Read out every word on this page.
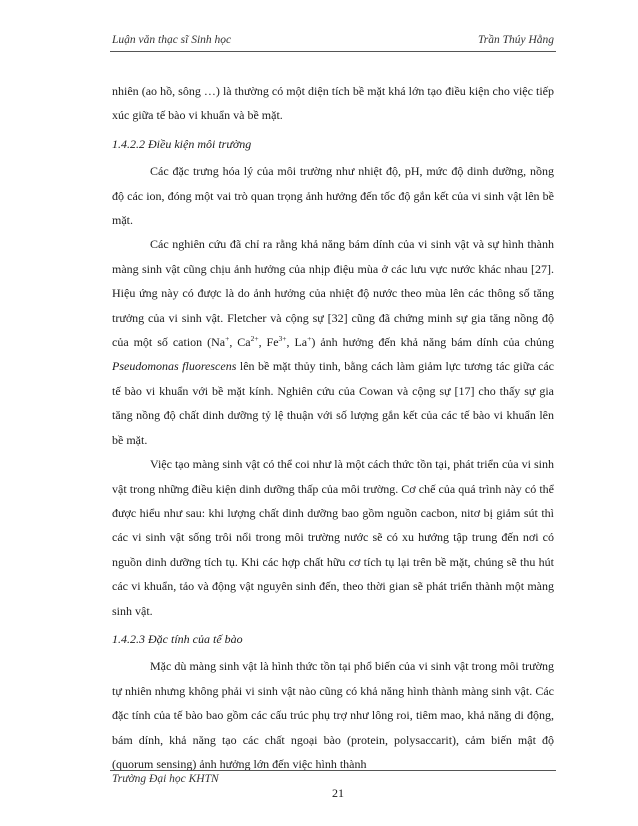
Luận văn thạc sĩ Sinh học	Trần Thúy Hằng

nhiên (ao hồ, sông …) là thường có một diện tích bề mặt khá lớn tạo điều kiện cho việc tiếp xúc giữa tế bào vi khuẩn và bề mặt.

1.4.2.2 Điều kiện môi trường

Các đặc trưng hóa lý của môi trường như nhiệt độ, pH, mức độ dinh dưỡng, nồng độ các ion, đóng một vai trò quan trọng ảnh hưởng đến tốc độ gắn kết của vi sinh vật lên bề mặt.

Các nghiên cứu đã chỉ ra rằng khả năng bám dính của vi sinh vật và sự hình thành màng sinh vật cũng chịu ảnh hưởng của nhịp điệu mùa ở các lưu vực nước khác nhau [27]. Hiệu ứng này có được là do ảnh hưởng của nhiệt độ nước theo mùa lên các thông số tăng trưởng của vi sinh vật. Fletcher và cộng sự [32] cũng đã chứng minh sự gia tăng nồng độ của một số cation (Na+, $Ca^{2+}$, $Fe^{3+}$, La+) ảnh hưởng đến khả năng bám dính của chủng Pseudomonas fluorescens lên bề mặt thủy tinh, bằng cách làm giảm lực tương tác giữa các tế bào vi khuẩn với bề mặt kính. Nghiên cứu của Cowan và cộng sự [17] cho thấy sự gia tăng nồng độ chất dinh dưỡng tỷ lệ thuận với số lượng gắn kết của các tế bào vi khuẩn lên bề mặt.

Việc tạo màng sinh vật có thể coi như là một cách thức tồn tại, phát triển của vi sinh vật trong những điều kiện dinh dưỡng thấp của môi trường. Cơ chế của quá trình này có thể được hiểu như sau: khi lượng chất dinh dưỡng bao gồm nguồn cacbon, nitơ bị giảm sút thì các vi sinh vật sống trôi nổi trong môi trường nước sẽ có xu hướng tập trung đến nơi có nguồn dinh dưỡng tích tụ. Khi các hợp chất hữu cơ tích tụ lại trên bề mặt, chúng sẽ thu hút các vi khuẩn, tảo và động vật nguyên sinh đến, theo thời gian sẽ phát triển thành một màng sinh vật.

1.4.2.3 Đặc tính của tế bào

Mặc dù màng sinh vật là hình thức tồn tại phổ biến của vi sinh vật trong môi trường tự nhiên nhưng không phải vi sinh vật nào cũng có khả năng hình thành màng sinh vật. Các đặc tính của tế bào bao gồm các cấu trúc phụ trợ như lông roi, tiêm mao, khả năng di động, bám dính, khả năng tạo các chất ngoại bào (protein, polysaccarit), cảm biến mật độ (quorum sensing) ảnh hưởng lớn đến việc hình thành

Trường Đại học KHTN
21
